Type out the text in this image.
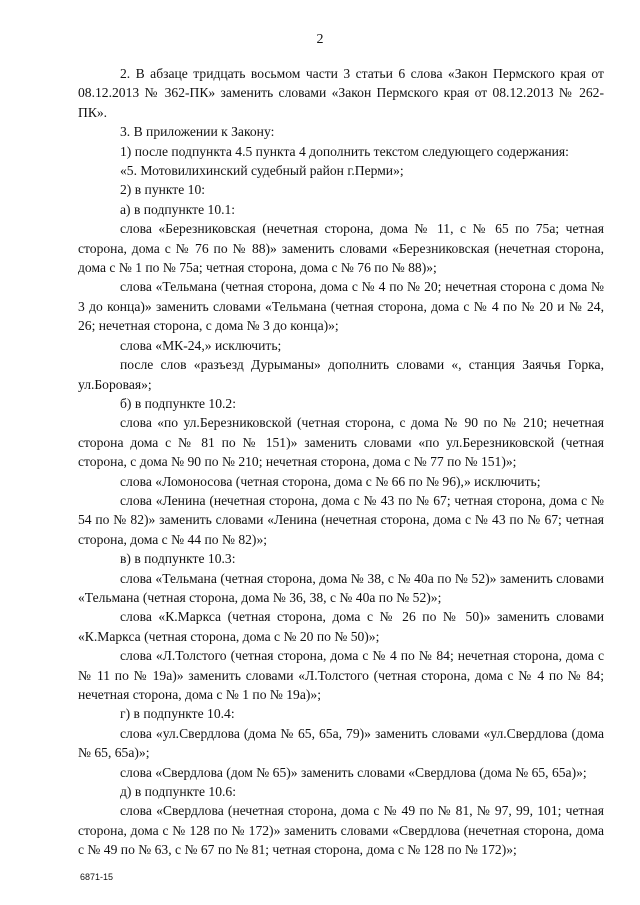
2

2. В абзаце тридцать восьмом части 3 статьи 6 слова «Закон Пермского края от 08.12.2013 № 362-ПК» заменить словами «Закон Пермского края от 08.12.2013 № 262-ПК».

3. В приложении к Закону:

1) после подпункта 4.5 пункта 4 дополнить текстом следующего содержания:

«5. Мотовилихинский судебный район г.Перми»;

2) в пункте 10:

а) в подпункте 10.1:

слова «Березниковская (нечетная сторона, дома № 11, с № 65 по 75а; четная сторона, дома с № 76 по № 88)» заменить словами «Березниковская (нечетная сторона, дома с № 1 по № 75а; четная сторона, дома с № 76 по № 88)»;

слова «Тельмана (четная сторона, дома с № 4 по № 20; нечетная сторона с дома № 3 до конца)» заменить словами «Тельмана (четная сторона, дома с № 4 по № 20 и № 24, 26; нечетная сторона, с дома № 3 до конца)»;

слова «МК-24,» исключить;

после слов «разъезд Дурыманы» дополнить словами «, станция Заячья Горка, ул.Боровая»;

б) в подпункте 10.2:

слова «по ул.Березниковской (четная сторона, с дома № 90 по № 210; нечетная сторона дома с № 81 по № 151)» заменить словами «по ул.Березниковской (четная сторона, с дома № 90 по № 210; нечетная сторона, дома с № 77 по № 151)»;

слова «Ломоносова (четная сторона, дома с № 66 по № 96),» исключить;

слова «Ленина (нечетная сторона, дома с № 43 по № 67; четная сторона, дома с № 54 по № 82)» заменить словами «Ленина (нечетная сторона, дома с № 43 по № 67; четная сторона, дома с № 44 по № 82)»;

в) в подпункте 10.3:

слова «Тельмана (четная сторона, дома № 38, с № 40а по № 52)» заменить словами «Тельмана (четная сторона, дома № 36, 38, с № 40а по № 52)»;

слова «К.Маркса (четная сторона, дома с № 26 по № 50)» заменить словами «К.Маркса (четная сторона, дома с № 20 по № 50)»;

слова «Л.Толстого (четная сторона, дома с № 4 по № 84; нечетная сторона, дома с № 11 по № 19а)» заменить словами «Л.Толстого (четная сторона, дома с № 4 по № 84; нечетная сторона, дома с № 1 по № 19а)»;

г) в подпункте 10.4:

слова «ул.Свердлова (дома № 65, 65а, 79)» заменить словами «ул.Свердлова (дома № 65, 65а)»;

слова «Свердлова (дом № 65)» заменить словами «Свердлова (дома № 65, 65а)»;

д) в подпункте 10.6:

слова «Свердлова (нечетная сторона, дома с № 49 по № 81, № 97, 99, 101; четная сторона, дома с № 128 по № 172)» заменить словами «Свердлова (нечетная сторона, дома с № 49 по № 63, с № 67 по № 81; четная сторона, дома с № 128 по № 172)»;

6871-15
